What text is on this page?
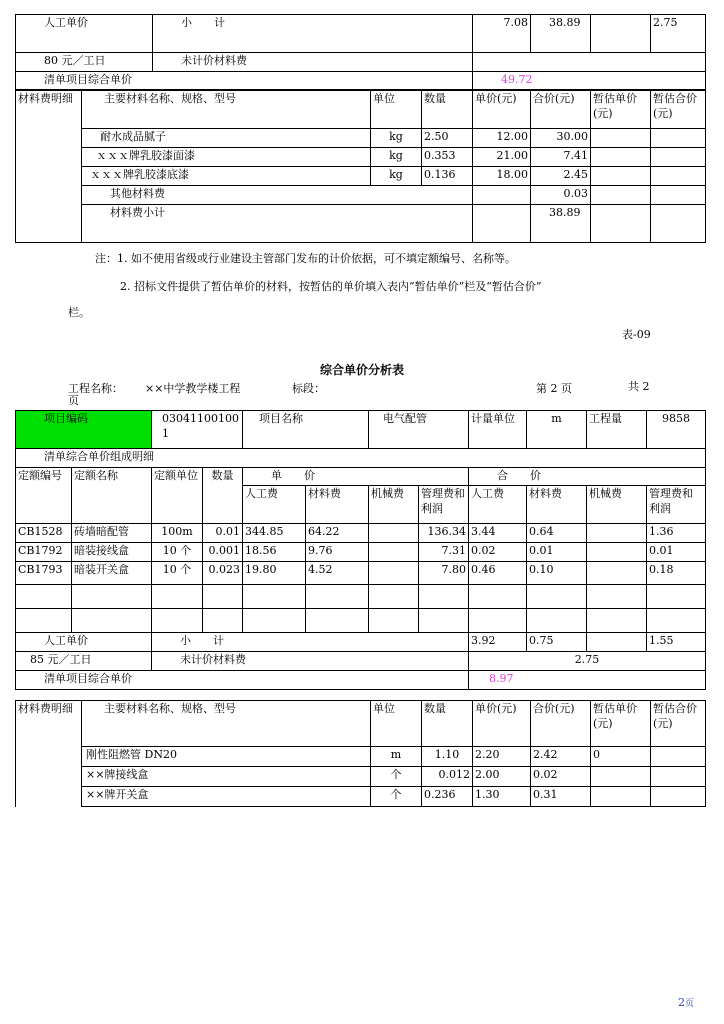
人工单价	小　　计	7.08	38.89		2.75
80 元／工日	未计价材料费				
清单项目综合单价		49.72			
材料费明细	主要材料名称、规格、型号	单位	数量	单价(元)	合价(元)	暂估单价(元)	暂估合价(元)
	耐水成品腻子	kg	2.50	12.00	30.00		
	ｘｘｘ牌乳胶漆面漆	kg	0.353	21.00	7.41		
	ｘｘｘ牌乳胶漆底漆	kg	0.136	18.00	2.45		
	其他材料费				0.03		
	材料费小计				38.89		
注：1. 如不使用省级或行业建设主管部门发布的计价依据，可不填定额编号、名称等。
2. 招标文件提供了暂估单价的材料，按暂估的单价填入表内“暂估单价”栏及“暂估合价”
栏。
表-09
综合单价分析表
工程名称： ××中学教学楼工程	标段：	第 2 页	共 2 页
项目编码		030411001001		项目名称		电气配管		计量单位	m	工程量	9858
清单综合单价组成明细											
定额编号	定额名称	定额单位	数量	单　　价				合　　价			
				人工费	材料费	机械费	管理费和利润	人工费	材料费	机械费	管理费和利润
CB1528	砖墙暗配管	100m	0.01	344.85	64.22		136.34	3.44	0.64		1.36
CB1792	暗装接线盒	10 个	0.001	18.56	9.76		7.31	0.02	0.01		0.01
CB1793	暗装开关盒	10 个	0.023	19.80	4.52		7.80	0.46	0.10		0.18

人工单价		小　　计						3.92	0.75		1.55
85 元／工日		未计价材料费						2.75			
清单项目综合单价								8.97			
材料费明细	主要材料名称、规格、型号	单位	数量	单价(元)	合价(元)	暂估单价(元)	暂估合价(元)
	刚性阻燃管 DN20	m	1.10	2.20	2.42	0	
	××牌接线盒	个	0.012	2.00	0.02		
	××牌开关盒	个	0.236	1.30	0.31		
2页
